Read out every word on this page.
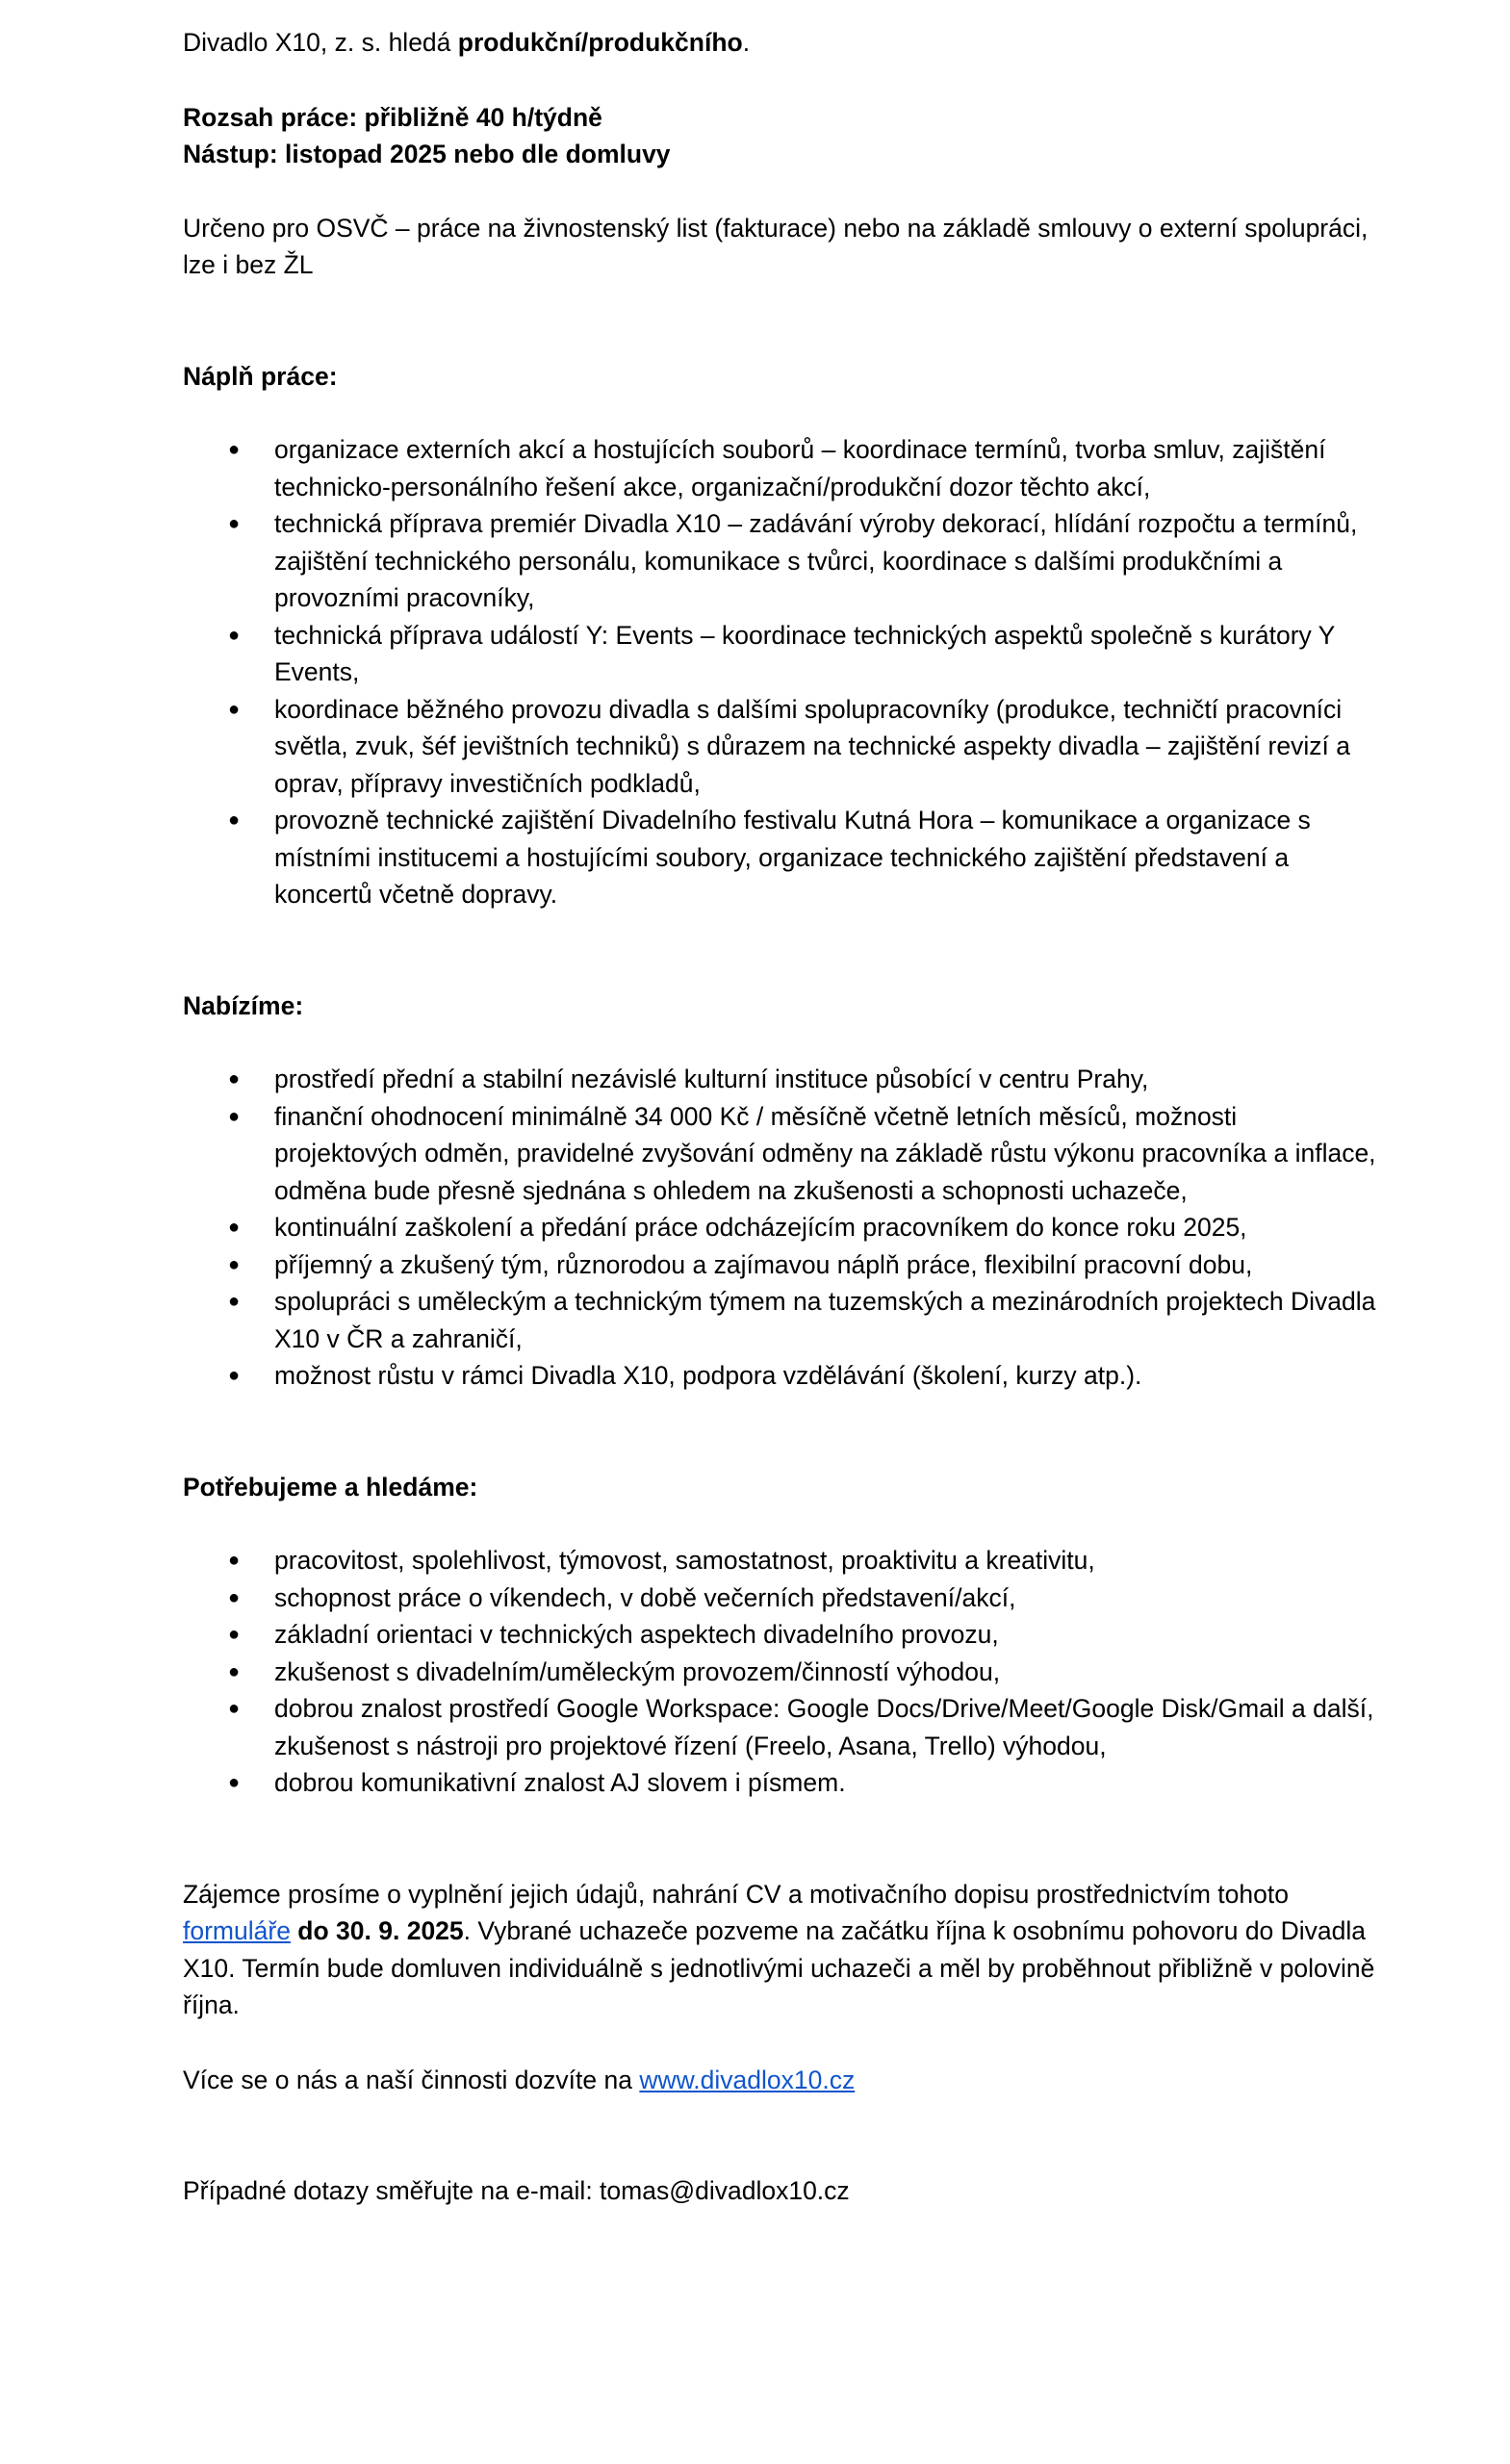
Divadlo X10, z. s. hledá produkční/produkčního.

Rozsah práce: přibližně 40 h/týdně

Nástup: listopad 2025 nebo dle domluvy

Určeno pro OSVČ – práce na živnostenský list (fakturace) nebo na základě smlouvy o externí spolupráci, lze i bez ŽL

Náplň práce:

● organizace externích akcí a hostujících souborů – koordinace termínů, tvorba smluv, zajištění technicko-personálního řešení akce, organizační/produkční dozor těchto akcí,
● technická příprava premiér Divadla X10 – zadávání výroby dekorací, hlídání rozpočtu a termínů, zajištění technického personálu, komunikace s tvůrci, koordinace s dalšími produkčními a provozními pracovníky,
● technická příprava událostí Y: Events – koordinace technických aspektů společně s kurátory Y Events,
● koordinace běžného provozu divadla s dalšími spolupracovníky (produkce, techničtí pracovníci světla, zvuk, šéf jevištních techniků) s důrazem na technické aspekty divadla – zajištění revizí a oprav, přípravy investičních podkladů,
● provozně technické zajištění Divadelního festivalu Kutná Hora – komunikace a organizace s místními institucemi a hostujícími soubory, organizace technického zajištění představení a koncertů včetně dopravy.

Nabízíme:

● prostředí přední a stabilní nezávislé kulturní instituce působící v centru Prahy,
● finanční ohodnocení minimálně 34 000 Kč / měsíčně včetně letních měsíců, možnosti projektových odměn, pravidelné zvyšování odměny na základě růstu výkonu pracovníka a inflace, odměna bude přesně sjednána s ohledem na zkušenosti a schopnosti uchazeče,
● kontinuální zaškolení a předání práce odcházejícím pracovníkem do konce roku 2025,
● příjemný a zkušený tým, různorodou a zajímavou náplň práce, flexibilní pracovní dobu,
● spolupráci s uměleckým a technickým týmem na tuzemských a mezinárodních projektech Divadla X10 v ČR a zahraničí,
● možnost růstu v rámci Divadla X10, podpora vzdělávání (školení, kurzy atp.).

Potřebujeme a hledáme:

● pracovitost, spolehlivost, týmovost, samostatnost, proaktivitu a kreativitu,
● schopnost práce o víkendech, v době večerních představení/akcí,
● základní orientaci v technických aspektech divadelního provozu,
● zkušenost s divadelním/uměleckým provozem/činností výhodou,
● dobrou znalost prostředí Google Workspace: Google Docs/Drive/Meet/Google Disk/Gmail a další, zkušenost s nástroji pro projektové řízení (Freelo, Asana, Trello) výhodou,
● dobrou komunikativní znalost AJ slovem i písmem.

Zájemce prosíme o vyplnění jejich údajů, nahrání CV a motivačního dopisu prostřednictvím tohoto formuláře do 30. 9. 2025. Vybrané uchazeče pozveme na začátku října k osobnímu pohovoru do Divadla X10. Termín bude domluven individuálně s jednotlivými uchazeči a měl by proběhnout přibližně v polovině října.

Více se o nás a naší činnosti dozvíte na www.divadlox10.cz

Případné dotazy směřujte na e-mail: tomas@divadlox10.cz
